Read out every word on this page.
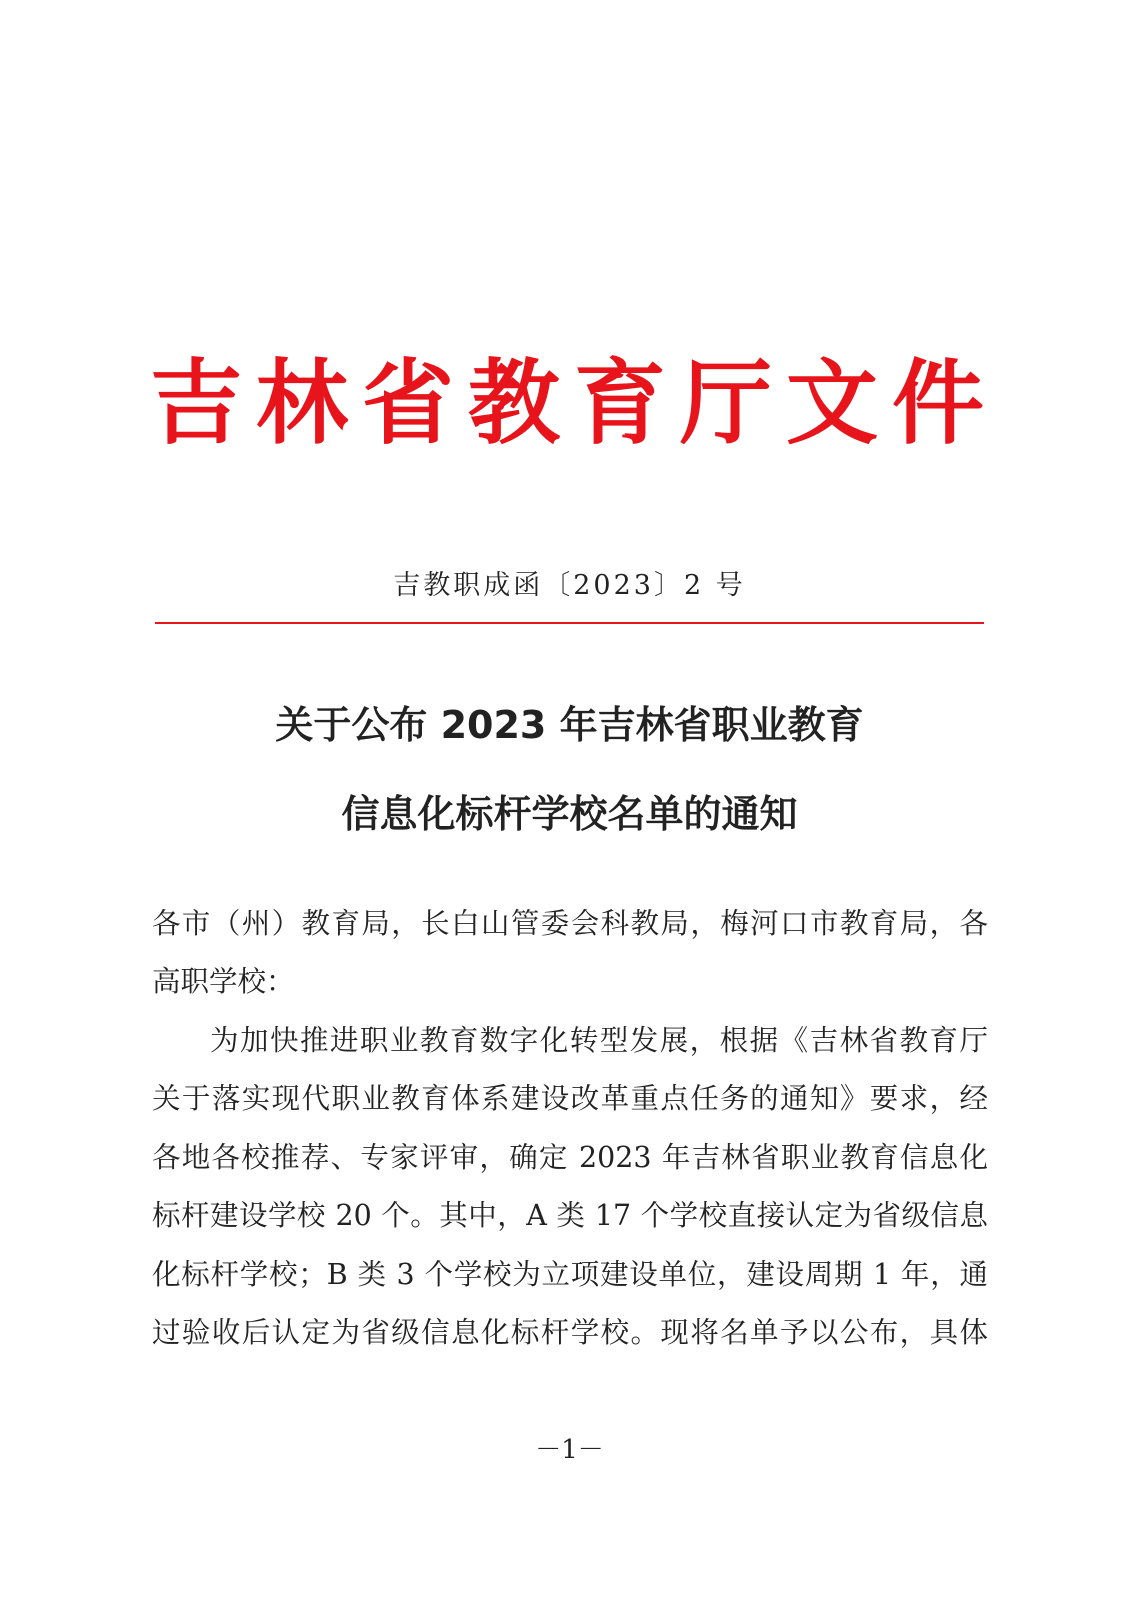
吉林省教育厅文件
吉教职成函〔2023〕2 号
关于公布 2023 年吉林省职业教育
信息化标杆学校名单的通知
各市（州）教育局，长白山管委会科教局，梅河口市教育局，各
高职学校：
为加快推进职业教育数字化转型发展，根据《吉林省教育厅
关于落实现代职业教育体系建设改革重点任务的通知》要求，经
各地各校推荐、专家评审，确定 2023 年吉林省职业教育信息化
标杆建设学校 20 个。其中，A 类 17 个学校直接认定为省级信息
化标杆学校；B 类 3 个学校为立项建设单位，建设周期 1 年，通
过验收后认定为省级信息化标杆学校。现将名单予以公布，具体
－1－
